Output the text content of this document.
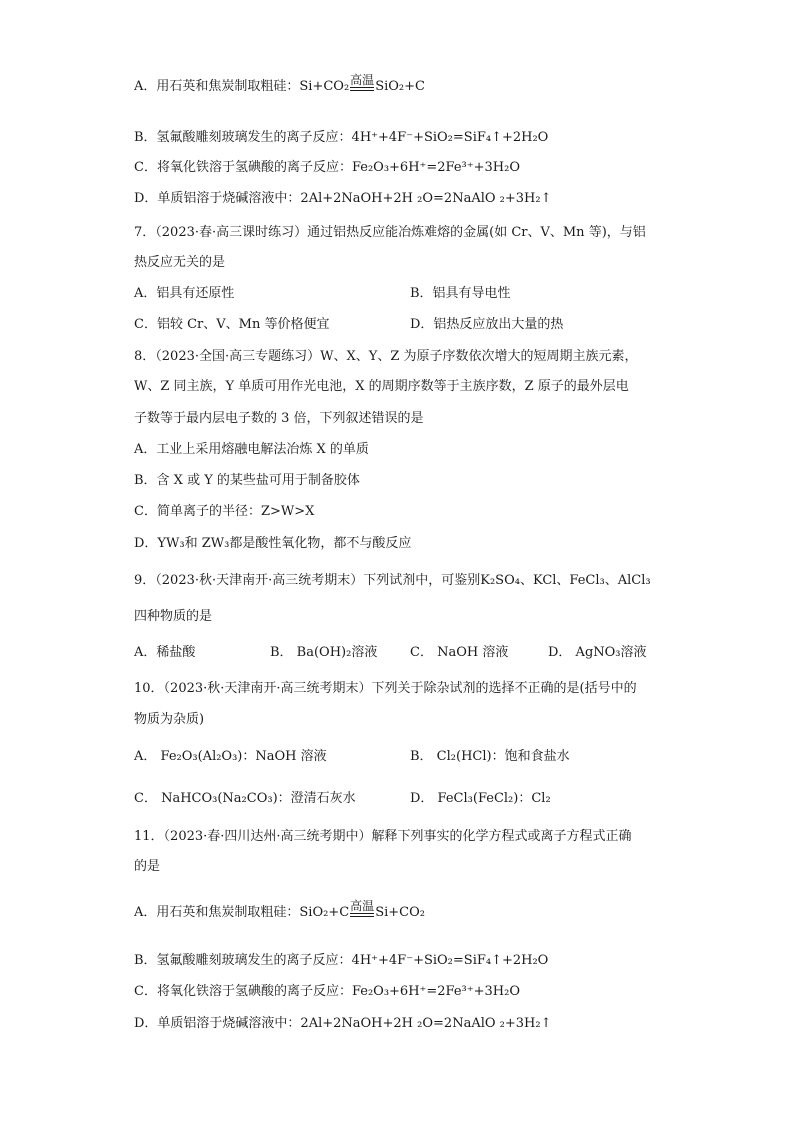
A．用石英和焦炭制取粗硅：Si+CO₂ 高温 SiO₂+C
B．氢氟酸雕刻玻璃发生的离子反应：4H⁺+4F⁻+SiO₂=SiF₄↑+2H₂O
C．将氧化铁溶于氢碘酸的离子反应：Fe₂O₃+6H⁺=2Fe³⁺+3H₂O
D．单质铝溶于烧碱溶液中：2Al+2NaOH+2H ₂O=2NaAlO ₂+3H₂↑
7．（2023·春·高三课时练习）通过铝热反应能冶炼难熔的金属(如 Cr、V、Mn 等)，与铝
热反应无关的是
A．铝具有还原性	B．铝具有导电性
C．铝较 Cr、V、Mn 等价格便宜	D．铝热反应放出大量的热
8．（2023·全国·高三专题练习）W、X、Y、Z 为原子序数依次增大的短周期主族元素，
W、Z 同主族，Y 单质可用作光电池，X 的周期序数等于主族序数，Z 原子的最外层电
子数等于最内层电子数的 3 倍，下列叙述错误的是
A．工业上采用熔融电解法冶炼 X 的单质
B．含 X 或 Y 的某些盐可用于制备胶体
C．简单离子的半径：Z>W>X
D．YW₃和 ZW₃都是酸性氧化物，都不与酸反应
9．（2023·秋·天津南开·高三统考期末）下列试剂中，可鉴别K₂SO₄、KCl、FeCl₃、AlCl₃
四种物质的是
A．稀盐酸	B． Ba(OH)₂溶液	C． NaOH 溶液	D． AgNO₃溶液
10．（2023·秋·天津南开·高三统考期末）下列关于除杂试剂的选择不正确的是(括号中的
物质为杂质)
A． Fe₂O₃(Al₂O₃)：NaOH 溶液	B． Cl₂(HCl)：饱和食盐水
C． NaHCO₃(Na₂CO₃)：澄清石灰水	D． FeCl₃(FeCl₂)：Cl₂
11．（2023·春·四川达州·高三统考期中）解释下列事实的化学方程式或离子方程式正确
的是
A．用石英和焦炭制取粗硅：SiO₂+C 高温 Si+CO₂
B．氢氟酸雕刻玻璃发生的离子反应：4H⁺+4F⁻+SiO₂=SiF₄↑+2H₂O
C．将氧化铁溶于氢碘酸的离子反应：Fe₂O₃+6H⁺=2Fe³⁺+3H₂O
D．单质铝溶于烧碱溶液中：2Al+2NaOH+2H ₂O=2NaAlO ₂+3H₂↑
